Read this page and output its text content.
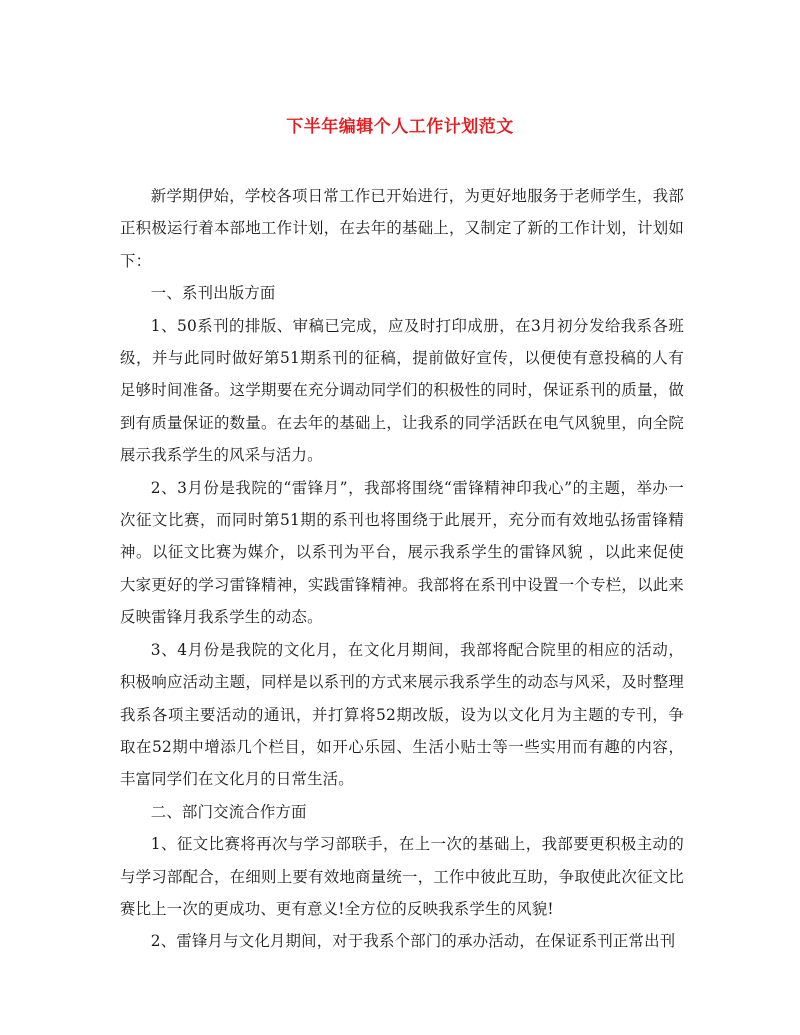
下半年编辑个人工作计划范文

新学期伊始，学校各项日常工作已开始进行，为更好地服务于老师学生，我部正积极运行着本部地工作计划，在去年的基础上，又制定了新的工作计划，计划如下：

一、系刊出版方面

1、50系刊的排版、审稿已完成，应及时打印成册，在3月初分发给我系各班级，并与此同时做好第51期系刊的征稿，提前做好宣传，以便使有意投稿的人有足够时间准备。这学期要在充分调动同学们的积极性的同时，保证系刊的质量，做到有质量保证的数量。在去年的基础上，让我系的同学活跃在电气风貌里，向全院展示我系学生的风采与活力。

2、3月份是我院的“雷锋月”，我部将围绕“雷锋精神印我心”的主题，举办一次征文比赛，而同时第51期的系刊也将围绕于此展开，充分而有效地弘扬雷锋精神。以征文比赛为媒介，以系刊为平台，展示我系学生的雷锋风貌 ，以此来促使大家更好的学习雷锋精神，实践雷锋精神。我部将在系刊中设置一个专栏，以此来反映雷锋月我系学生的动态。

3、4月份是我院的文化月，在文化月期间，我部将配合院里的相应的活动，积极响应活动主题，同样是以系刊的方式来展示我系学生的动态与风采，及时整理我系各项主要活动的通讯，并打算将52期改版，设为以文化月为主题的专刊，争取在52期中增添几个栏目，如开心乐园、生活小贴士等一些实用而有趣的内容，丰富同学们在文化月的日常生活。

二、部门交流合作方面

1、征文比赛将再次与学习部联手，在上一次的基础上，我部要更积极主动的与学习部配合，在细则上要有效地商量统一，工作中彼此互助，争取使此次征文比赛比上一次的更成功、更有意义!全方位的反映我系学生的风貌!

2、雷锋月与文化月期间，对于我系个部门的承办活动，在保证系刊正常出刊
